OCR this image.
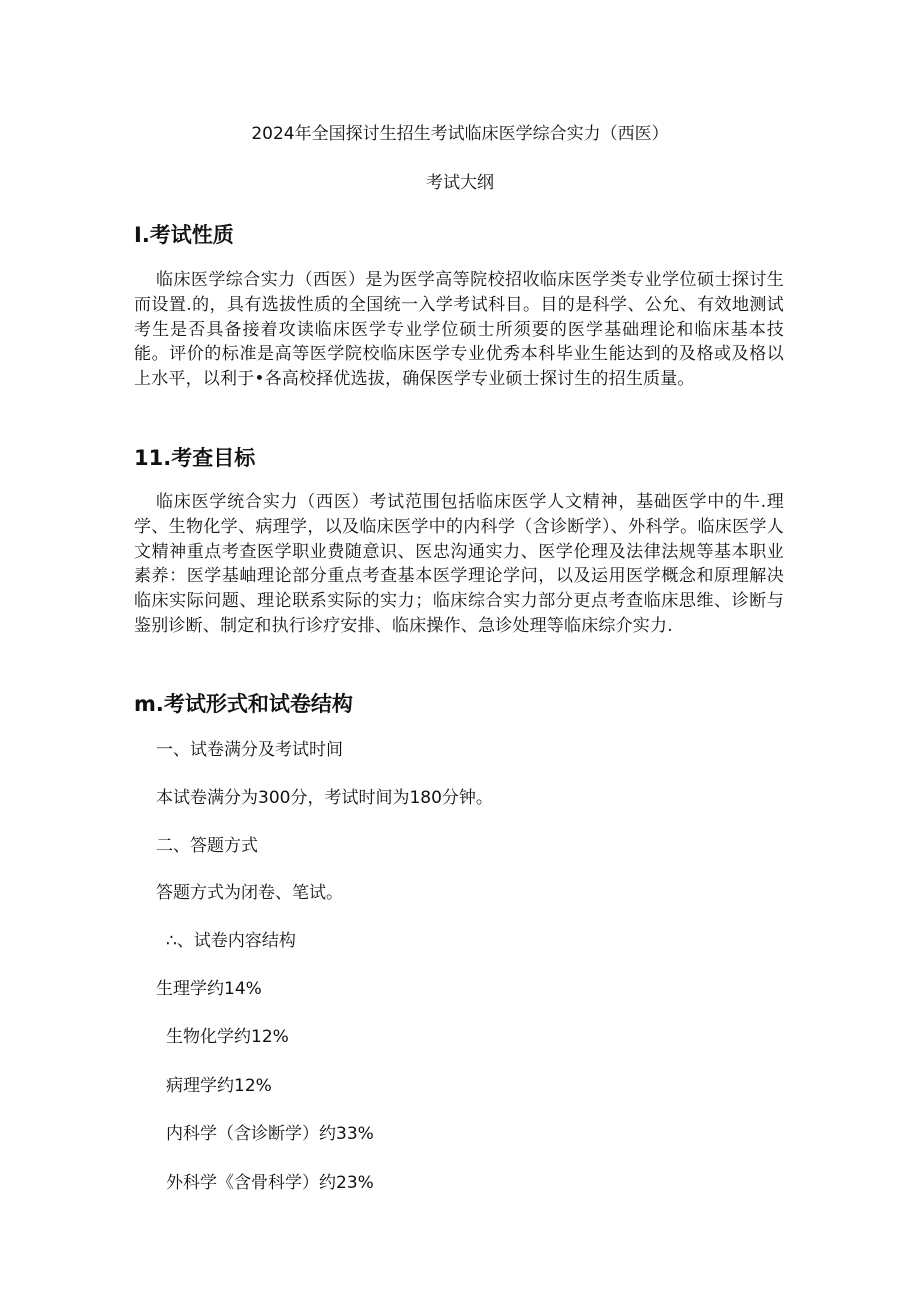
2024年全国探讨生招生考试临床医学综合实力（西医）
考试大纲
I.考试性质
临床医学综合实力（西医）是为医学高等院校招收临床医学类专业学位硕士探讨生而设置.的，具有选拔性质的全国统一入学考试科目。目的是科学、公允、有效地测试考生是否具备接着攻读临床医学专业学位硕士所须要的医学基础理论和临床基本技能。评价的标准是高等医学院校临床医学专业优秀本科毕业生能达到的及格或及格以上水平，以利于•各高校择优选拔，确保医学专业硕士探讨生的招生质量。
11.考查目标
临床医学统合实力（西医）考试范围包括临床医学人文精神，基础医学中的牛.理学、生物化学、病理学，以及临床医学中的内科学（含诊断学）、外科学。临床医学人文精神重点考查医学职业费随意识、医忠沟通实力、医学伦理及法律法规等基本职业素养：医学基岫理论部分重点考查基本医学理论学问，以及运用医学概念和原理解决临床实际问题、理论联系实际的实力；临床综合实力部分更点考查临床思维、诊断与鉴别诊断、制定和执行诊疗安排、临床操作、急诊处理等临床综介实力.
m.考试形式和试卷结构
一、试卷满分及考试时间
本试卷满分为300分，考试时间为180分钟。
二、答题方式
答题方式为闭卷、笔试。
∴、试卷内容结构
生理学约14%
生物化学约12%
病理学约12%
内科学（含诊断学）约33%
外科学《含骨科学）约23%
